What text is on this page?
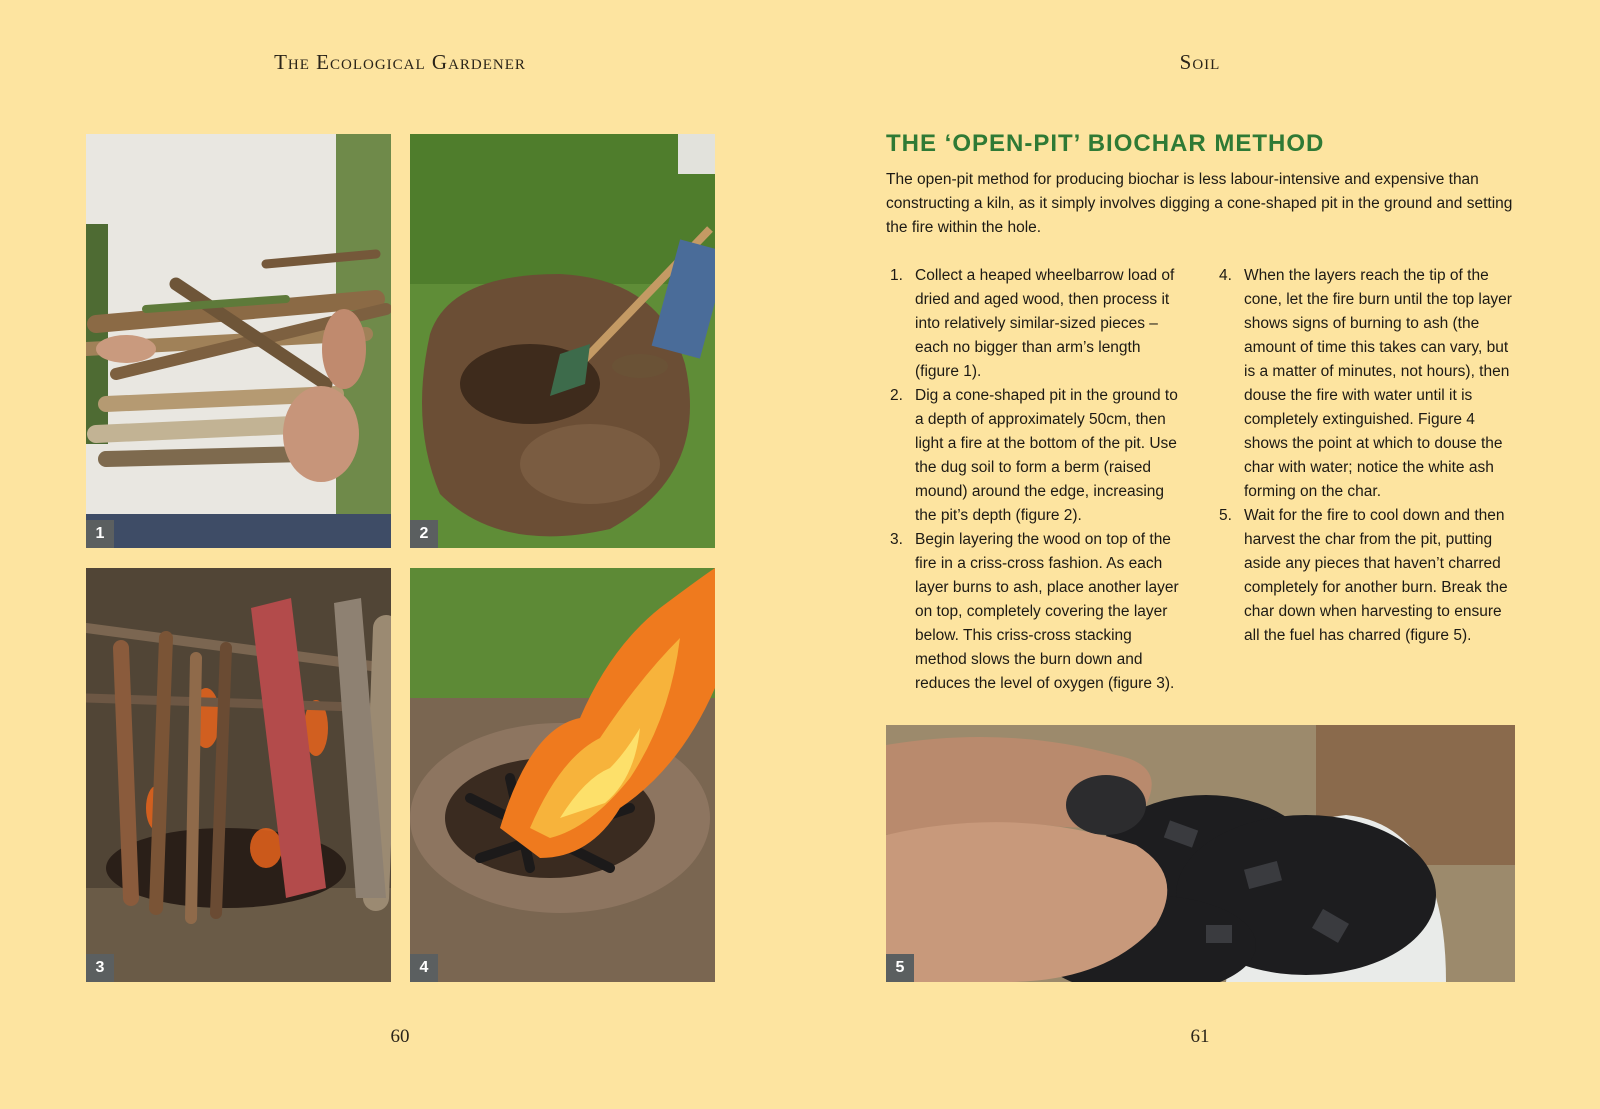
The Ecological Gardener
1	2
3	4
60
Soil
THE ‘OPEN-PIT’ BIOCHAR METHOD

The open-pit method for producing biochar is less labour-intensive and expensive than constructing a kiln, as it simply involves digging a cone-shaped pit in the ground and setting the fire within the hole.

1. Collect a heaped wheelbarrow load of dried and aged wood, then process it into relatively similar-sized pieces – each no bigger than arm’s length (figure 1).
2. Dig a cone-shaped pit in the ground to a depth of approximately 50cm, then light a fire at the bottom of the pit. Use the dug soil to form a berm (raised mound) around the edge, increasing the pit’s depth (figure 2).
3. Begin layering the wood on top of the fire in a criss-cross fashion. As each layer burns to ash, place another layer on top, completely covering the layer below. This criss-cross stacking method slows the burn down and reduces the level of oxygen (figure 3).
4. When the layers reach the tip of the cone, let the fire burn until the top layer shows signs of burning to ash (the amount of time this takes can vary, but is a matter of minutes, not hours), then douse the fire with water until it is completely extinguished. Figure 4 shows the point at which to douse the char with water; notice the white ash forming on the char.
5. Wait for the fire to cool down and then harvest the char from the pit, putting aside any pieces that haven’t charred completely for another burn. Break the char down when harvesting to ensure all the fuel has charred (figure 5).
5
61
